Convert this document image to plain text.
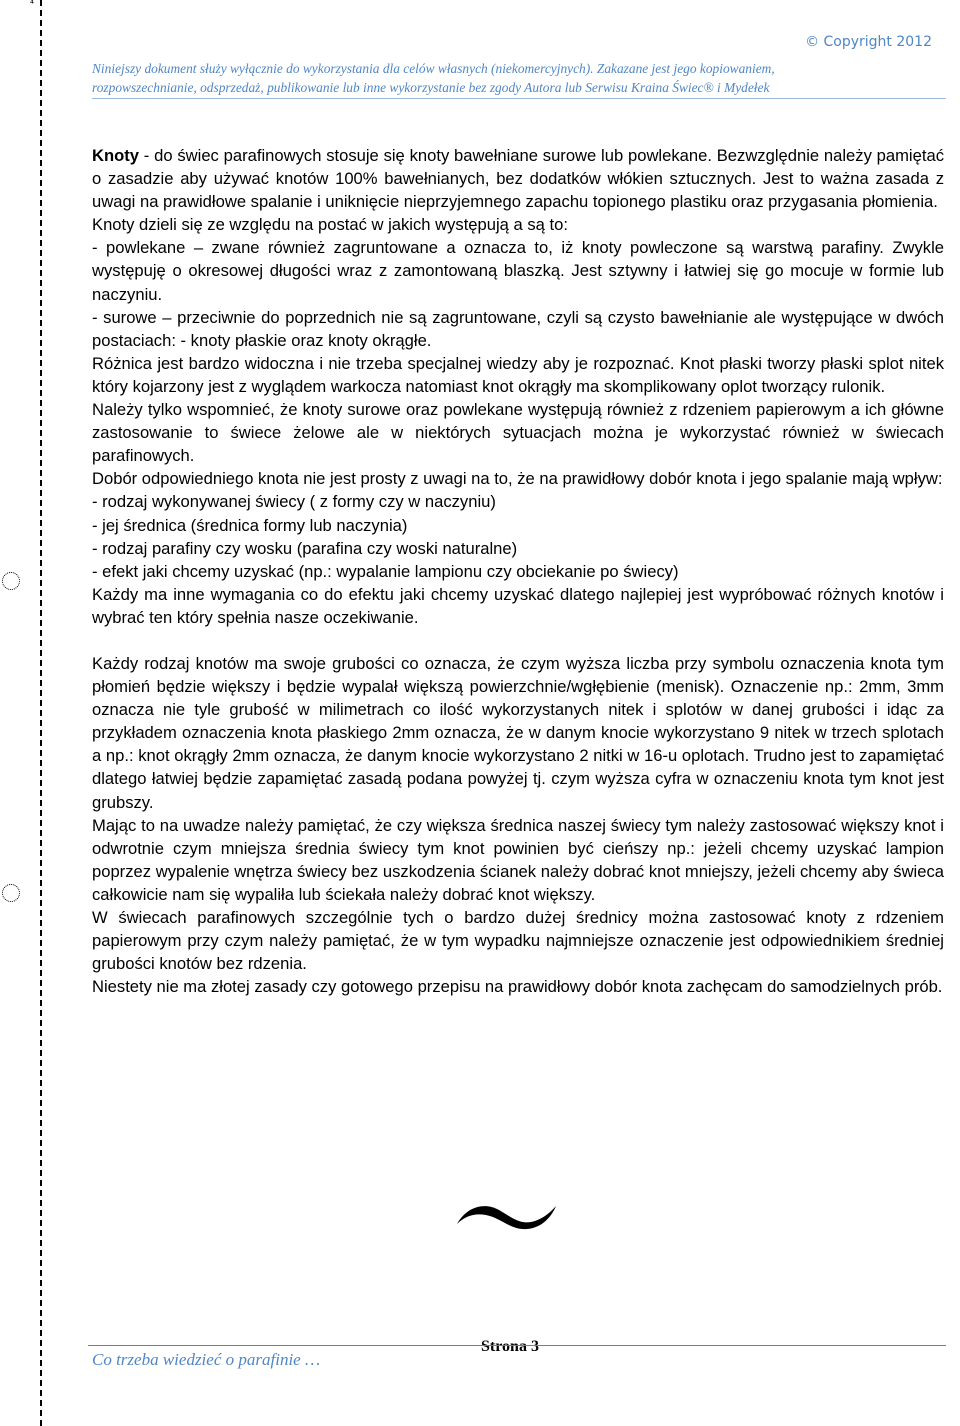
⁴
© Copyright 2012
Niniejszy dokument służy wyłącznie do wykorzystania dla celów własnych (niekomercyjnych). Zakazane jest jego kopiowaniem,
rozpowszechnianie, odsprzedaż, publikowanie lub inne wykorzystanie bez zgody Autora lub Serwisu Kraina Świec® i Mydełek

Knoty - do świec parafinowych stosuje się knoty bawełniane surowe lub powlekane. Bezwzględnie należy pamiętać o zasadzie aby używać knotów 100% bawełnianych, bez dodatków włókien sztucznych. Jest to ważna zasada z uwagi na prawidłowe spalanie i uniknięcie nieprzyjemnego zapachu topionego plastiku oraz przygasania płomienia.

Knoty dzieli się ze względu na postać w jakich występują a są to:

- powlekane – zwane również zagruntowane a oznacza to, iż knoty powleczone są warstwą parafiny. Zwykle występuję o okresowej długości wraz z zamontowaną blaszką. Jest sztywny i łatwiej się go mocuje w formie lub naczyniu.

- surowe – przeciwnie do poprzednich nie są zagruntowane, czyli są czysto bawełnianie ale występujące w dwóch postaciach: - knoty płaskie oraz knoty okrągłe.

Różnica jest bardzo widoczna i nie trzeba specjalnej wiedzy aby je rozpoznać. Knot płaski tworzy płaski splot nitek który kojarzony jest z wyglądem warkocza natomiast knot okrągły ma skomplikowany oplot tworzący rulonik.

Należy tylko wspomnieć, że knoty surowe oraz powlekane występują również z rdzeniem papierowym a ich główne zastosowanie to świece żelowe ale w niektórych sytuacjach można je wykorzystać również w świecach parafinowych.

Dobór odpowiedniego knota nie jest prosty z uwagi na to, że na prawidłowy dobór knota i jego spalanie mają wpływ:

- rodzaj wykonywanej świecy ( z formy czy w naczyniu)

- jej średnica (średnica formy lub naczynia)

- rodzaj parafiny czy wosku (parafina czy woski naturalne)

- efekt jaki chcemy uzyskać (np.: wypalanie lampionu czy obciekanie po świecy)

Każdy ma inne wymagania co do efektu jaki chcemy uzyskać dlatego najlepiej jest wypróbować różnych knotów i wybrać ten który spełnia nasze oczekiwanie.

Każdy rodzaj knotów ma swoje grubości co oznacza, że czym wyższa liczba przy symbolu oznaczenia knota tym płomień będzie większy i będzie wypalał większą powierzchnie/wgłębienie (menisk). Oznaczenie np.: 2mm, 3mm oznacza nie tyle grubość w milimetrach co ilość wykorzystanych nitek i splotów w danej grubości i idąc za przykładem oznaczenia knota płaskiego 2mm oznacza, że w danym knocie wykorzystano 9 nitek w trzech splotach a np.: knot okrągły 2mm oznacza, że danym knocie wykorzystano 2 nitki w 16-u oplotach. Trudno jest to zapamiętać dlatego łatwiej będzie zapamiętać zasadą podana powyżej tj. czym wyższa cyfra w oznaczeniu knota tym knot jest grubszy.

Mając to na uwadze należy pamiętać, że czy większa średnica naszej świecy tym należy zastosować większy knot i odwrotnie czym mniejsza średnia świecy tym knot powinien być cieńszy np.: jeżeli chcemy uzyskać lampion poprzez wypalenie wnętrza świecy bez uszkodzenia ścianek należy dobrać knot mniejszy, jeżeli chcemy aby świeca całkowicie nam się wypaliła lub ściekała należy dobrać knot większy.

W świecach parafinowych szczególnie tych o bardzo dużej średnicy można zastosować knoty z rdzeniem papierowym przy czym należy pamiętać, że w tym wypadku najmniejsze oznaczenie jest odpowiednikiem średniej grubości knotów bez rdzenia.

Niestety nie ma złotej zasady czy gotowego przepisu na prawidłowy dobór knota zachęcam do samodzielnych prób.

Strona 3
Co trzeba wiedzieć o parafinie …
